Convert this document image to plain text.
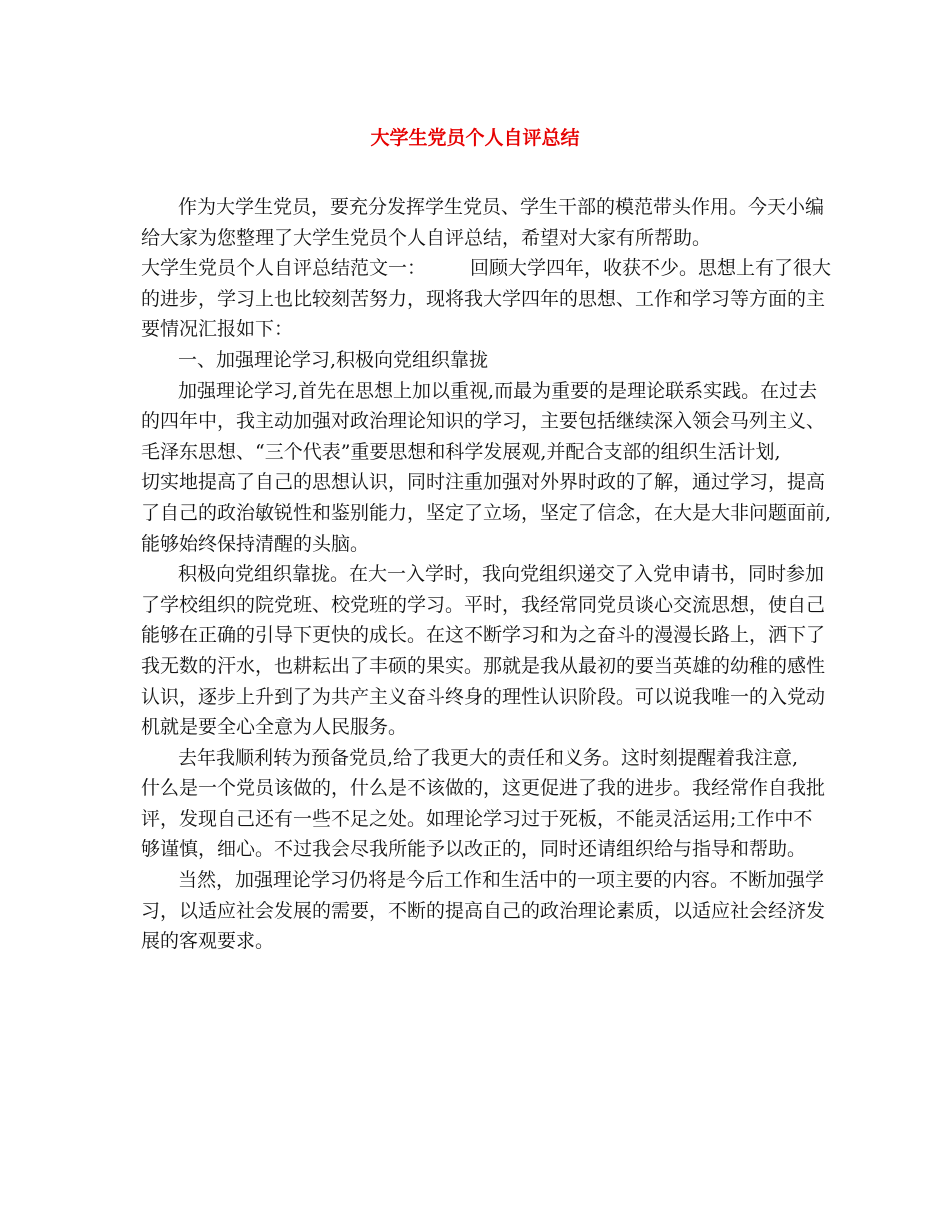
大学生党员个人自评总结
作为大学生党员，要充分发挥学生党员、学生干部的模范带头作用。今天小编
给大家为您整理了大学生党员个人自评总结，希望对大家有所帮助。
大学生党员个人自评总结范文一： 回顾大学四年，收获不少。思想上有了很大
的进步，学习上也比较刻苦努力，现将我大学四年的思想、工作和学习等方面的主
要情况汇报如下：
一、加强理论学习,积极向党组织靠拢
加强理论学习,首先在思想上加以重视,而最为重要的是理论联系实践。在过去
的四年中，我主动加强对政治理论知识的学习，主要包括继续深入领会马列主义、
毛泽东思想、“三个代表”重要思想和科学发展观,并配合支部的组织生活计划,
切实地提高了自己的思想认识，同时注重加强对外界时政的了解，通过学习，提高
了自己的政治敏锐性和鉴别能力，坚定了立场，坚定了信念，在大是大非问题面前,
能够始终保持清醒的头脑。
积极向党组织靠拢。在大一入学时，我向党组织递交了入党申请书，同时参加
了学校组织的院党班、校党班的学习。平时，我经常同党员谈心交流思想，使自己
能够在正确的引导下更快的成长。在这不断学习和为之奋斗的漫漫长路上，洒下了
我无数的汗水，也耕耘出了丰硕的果实。那就是我从最初的要当英雄的幼稚的感性
认识，逐步上升到了为共产主义奋斗终身的理性认识阶段。可以说我唯一的入党动
机就是要全心全意为人民服务。
去年我顺利转为预备党员,给了我更大的责任和义务。这时刻提醒着我注意,
什么是一个党员该做的，什么是不该做的，这更促进了我的进步。我经常作自我批
评，发现自己还有一些不足之处。如理论学习过于死板，不能灵活运用;工作中不
够谨慎，细心。不过我会尽我所能予以改正的，同时还请组织给与指导和帮助。
当然，加强理论学习仍将是今后工作和生活中的一项主要的内容。不断加强学
习，以适应社会发展的需要，不断的提高自己的政治理论素质，以适应社会经济发
展的客观要求。
